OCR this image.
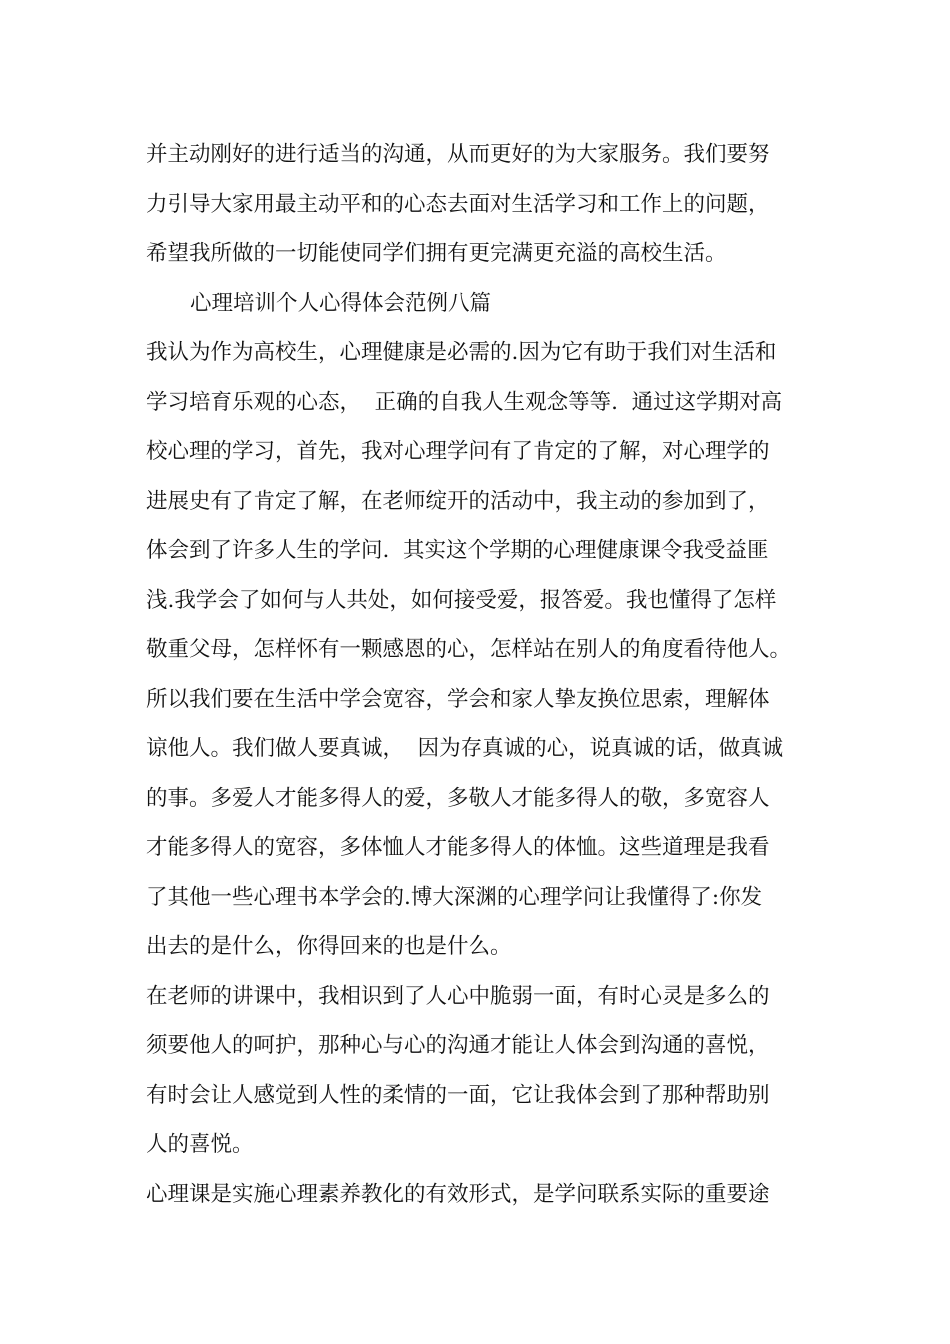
并主动刚好的进行适当的沟通，从而更好的为大家服务。我们要努
力引导大家用最主动平和的心态去面对生活学习和工作上的问题，
希望我所做的一切能使同学们拥有更完满更充溢的高校生活。
心理培训个人心得体会范例八篇
我认为作为高校生，心理健康是必需的.因为它有助于我们对生活和
学习培育乐观的心态，  正确的自我人生观念等等.  通过这学期对高
校心理的学习，首先，我对心理学问有了肯定的了解，对心理学的
进展史有了肯定了解，在老师绽开的活动中，我主动的参加到了，
体会到了许多人生的学问.  其实这个学期的心理健康课令我受益匪
浅.我学会了如何与人共处，如何接受爱，报答爱。我也懂得了怎样
敬重父母，怎样怀有一颗感恩的心，怎样站在别人的角度看待他人。
所以我们要在生活中学会宽容，学会和家人挚友换位思索，理解体
谅他人。我们做人要真诚，  因为存真诚的心，说真诚的话，做真诚
的事。多爱人才能多得人的爱，多敬人才能多得人的敬，多宽容人
才能多得人的宽容，多体恤人才能多得人的体恤。这些道理是我看
了其他一些心理书本学会的.博大深渊的心理学问让我懂得了:你发
出去的是什么，你得回来的也是什么。
在老师的讲课中，我相识到了人心中脆弱一面，有时心灵是多么的
须要他人的呵护，那种心与心的沟通才能让人体会到沟通的喜悦，
有时会让人感觉到人性的柔情的一面，它让我体会到了那种帮助别
人的喜悦。
心理课是实施心理素养教化的有效形式，是学问联系实际的重要途
